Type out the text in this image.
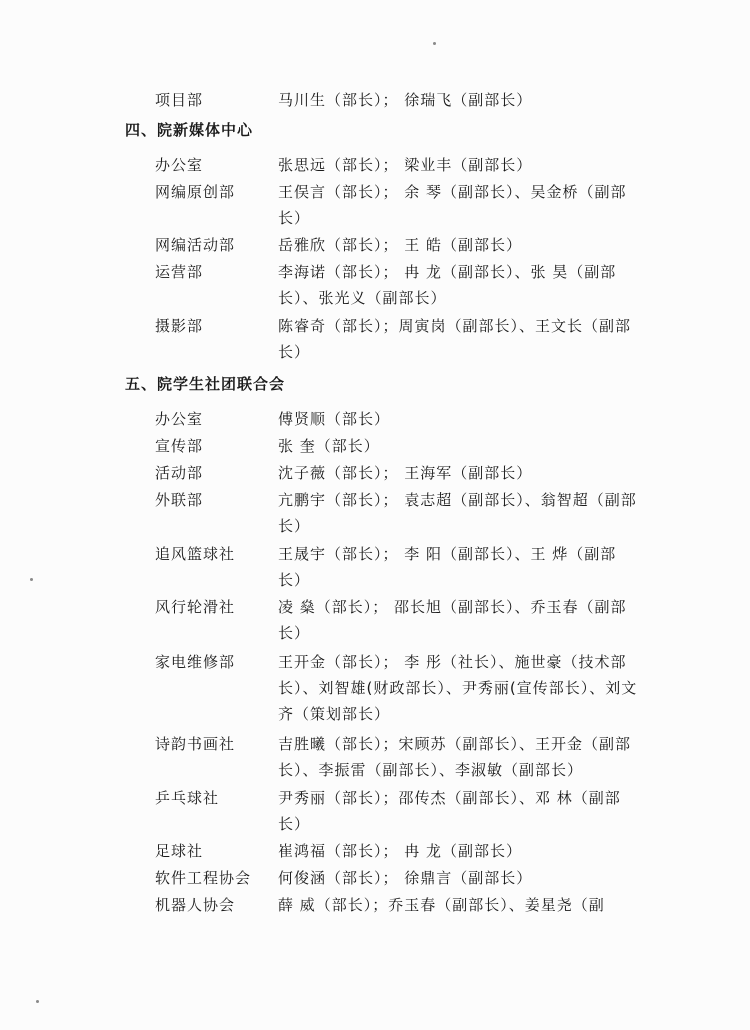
项目部	马川生（部长）； 徐瑞飞（副部长）
四、院新媒体中心
办公室	张思远（部长）； 梁业丰（副部长）
网编原创部	王俣言（部长）； 余 琴（副部长）、吴金桥（副部长）
网编活动部	岳雅欣（部长）； 王 皓（副部长）
运营部	李海诺（部长）； 冉 龙（副部长）、张 昊（副部长）、张光义（副部长）
摄影部	陈睿奇（部长）；周寅岗（副部长）、王文长（副部长）
五、院学生社团联合会
办公室	傅贤顺（部长）
宣传部	张 奎（部长）
活动部	沈子薇（部长）； 王海军（副部长）
外联部	亢鹏宇（部长）； 袁志超（副部长）、翁智超（副部长）
追风篮球社	王晟宇（部长）； 李 阳（副部长）、王 烨（副部长）
风行轮滑社	凌 燊（部长）； 邵长旭（副部长）、乔玉春（副部长）
家电维修部	王开金（部长）； 李 彤（社长）、施世豪（技术部长）、刘智雄(财政部长）、尹秀丽(宣传部长）、刘文齐（策划部长）
诗韵书画社	吉胜曦（部长）；宋顾苏（副部长）、王开金（副部长）、李振雷（副部长）、李淑敏（副部长）
乒乓球社	尹秀丽（部长）；邵传杰（副部长）、邓 林（副部长）
足球社	崔鸿福（部长）； 冉 龙（副部长）
软件工程协会	何俊涵（部长）； 徐鼎言（副部长）
机器人协会	薛 威（部长）；乔玉春（副部长）、姜星尧（副
